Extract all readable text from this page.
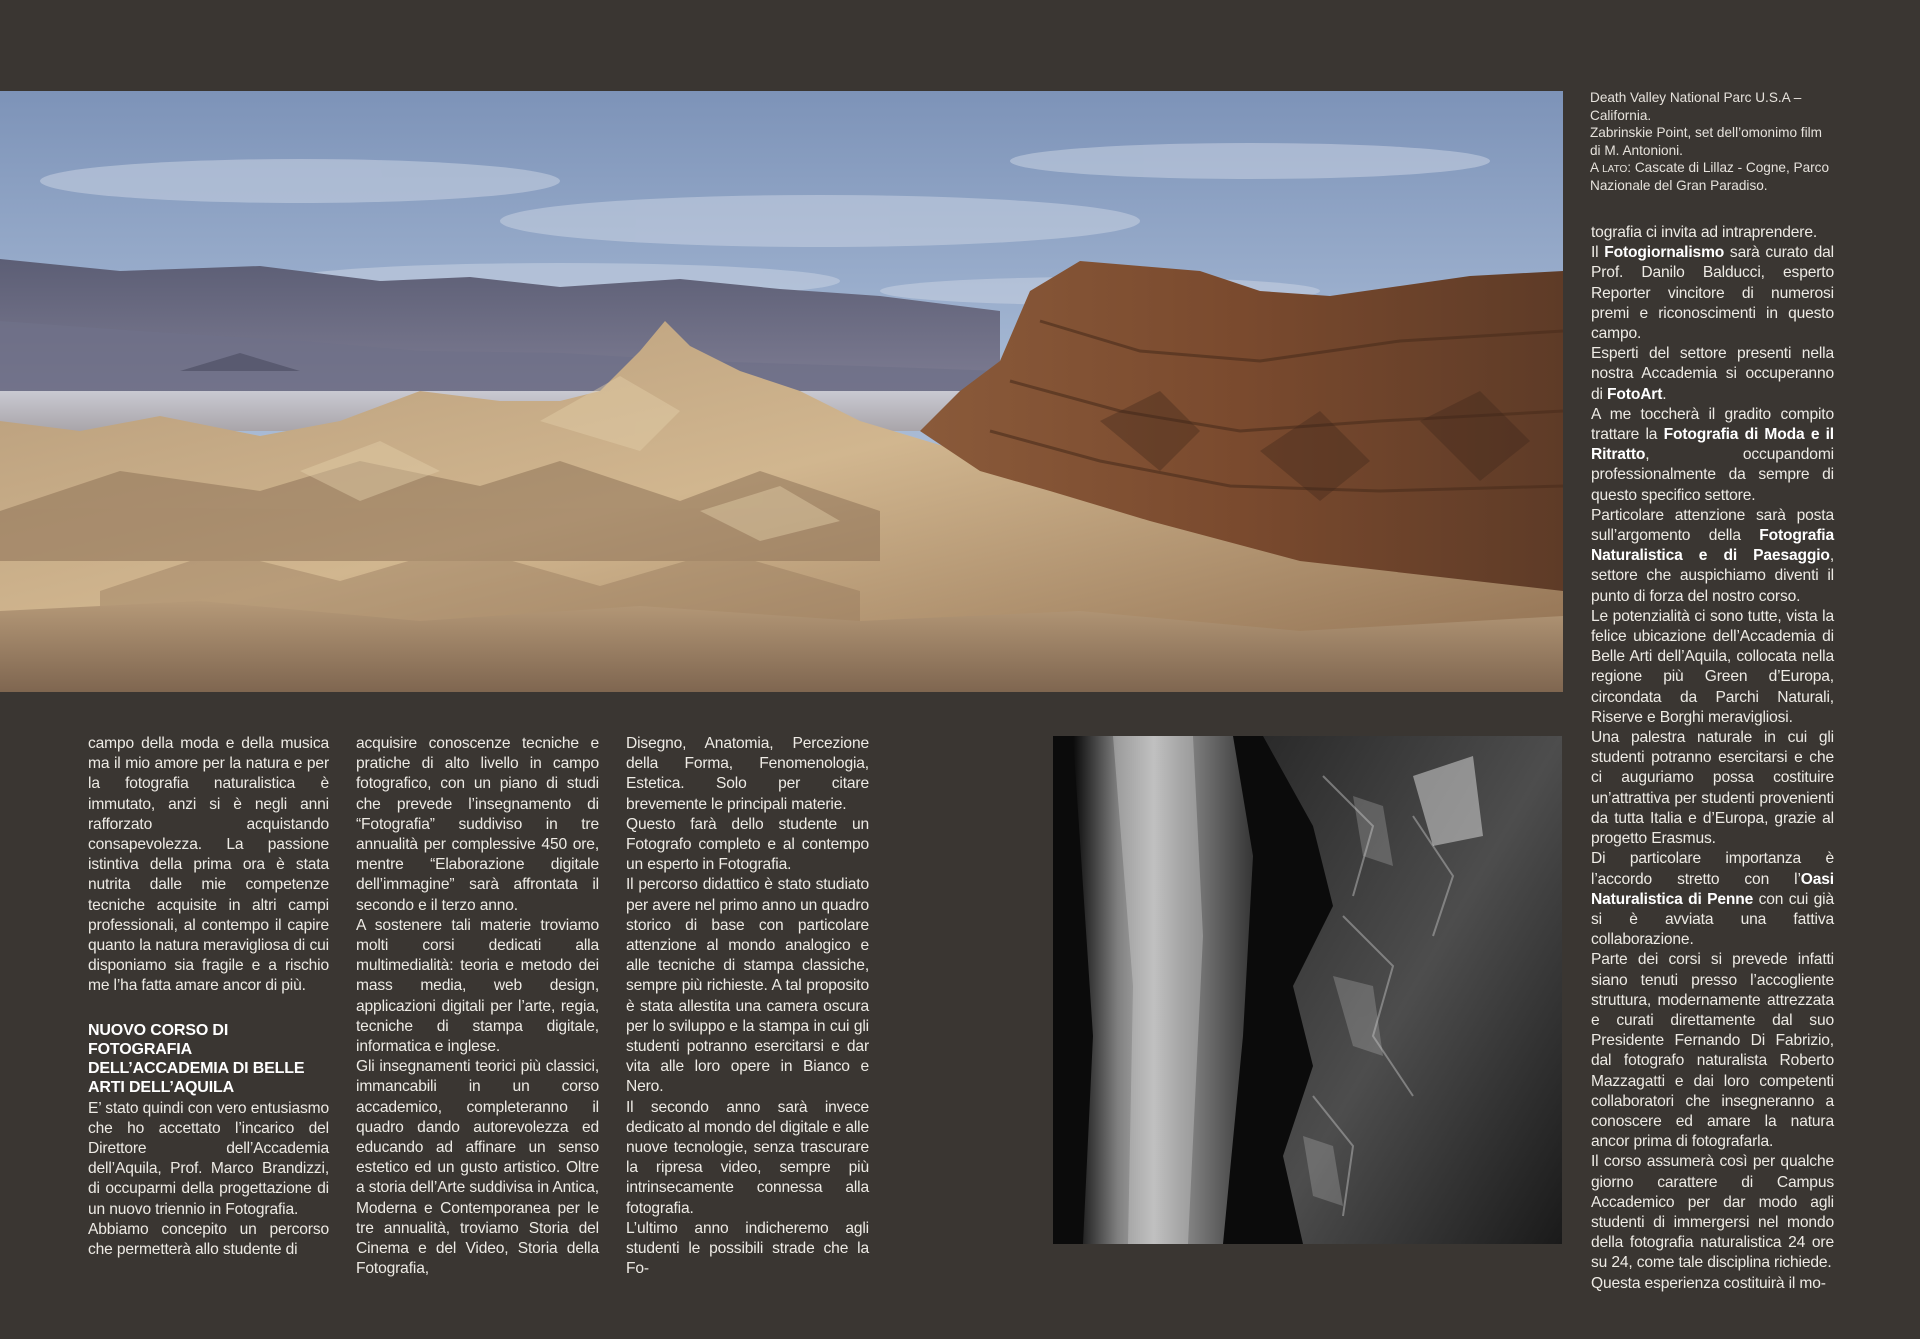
Death Valley National Parc U.S.A –

California.

Zabrinskie Point, set dell’omonimo film

di M. Antonioni.

A lato: Cascate di Lillaz - Cogne, Parco

Nazionale del Gran Paradiso.

campo della moda e della musica ma il mio amore per la natura e per la fotografia naturalistica è immutato, anzi si è negli anni rafforzato acquistando consapevolezza. La passione istintiva della prima ora è stata nutrita dalle mie competenze tecniche acquisite in altri campi professionali, al contempo il capire quanto la natura meravigliosa di cui disponiamo sia fragile e a rischio me l’ha fatta amare ancor di più.

NUOVO CORSO DI FOTOGRAFIA DELL’ACCADEMIA DI BELLE ARTI DELL’AQUILA

E’ stato quindi con vero entusiasmo che ho accettato l’incarico del Direttore dell’Accademia dell’Aquila, Prof. Marco Brandizzi, di occuparmi della progettazione di un nuovo triennio in Fotografia.

Abbiamo concepito un percorso che permetterà allo studente di

acquisire conoscenze tecniche e pratiche di alto livello in campo fotografico, con un piano di studi che prevede l’insegnamento di “Fotografia” suddiviso in tre annualità per complessive 450 ore, mentre “Elaborazione digitale dell’immagine” sarà affrontata il secondo e il terzo anno.

A sostenere tali materie troviamo molti corsi dedicati alla multimedialità: teoria e metodo dei mass media, web design, applicazioni digitali per l’arte, regia, tecniche di stampa digitale, informatica e inglese.

Gli insegnamenti teorici più classici, immancabili in un corso accademico, completeranno il quadro dando autorevolezza ed educando ad affinare un senso estetico ed un gusto artistico. Oltre a storia dell’Arte suddivisa in Antica, Moderna e Contemporanea per le tre annualità, troviamo Storia del Cinema e del Video, Storia della Fotografia,

Disegno, Anatomia, Percezione della Forma, Fenomenologia, Estetica. Solo per citare brevemente le principali materie.

Questo farà dello studente un Fotografo completo e al contempo un esperto in Fotografia.

Il percorso didattico è stato studiato per avere nel primo anno un quadro storico di base con particolare attenzione al mondo analogico e alle tecniche di stampa classiche, sempre più richieste. A tal proposito è stata allestita una camera oscura per lo sviluppo e la stampa in cui gli studenti potranno esercitarsi e dar vita alle loro opere in Bianco e Nero.

Il secondo anno sarà invece dedicato al mondo del digitale e alle nuove tecnologie, senza trascurare la ripresa video, sempre più intrinsecamente connessa alla fotografia.

L’ultimo anno indicheremo agli studenti le possibili strade che la Fo-

tografia ci invita ad intraprendere.

Il Fotogiornalismo sarà curato dal Prof. Danilo Balducci, esperto Reporter vincitore di numerosi premi e riconoscimenti in questo campo.

Esperti del settore presenti nella nostra Accademia si occuperanno di FotoArt.

A me toccherà il gradito compito trattare la Fotografia di Moda e il Ritratto, occupandomi professionalmente da sempre di questo specifico settore.

Particolare attenzione sarà posta sull’argomento della Fotografia Naturalistica e di Paesaggio, settore che auspichiamo diventi il punto di forza del nostro corso.

Le potenzialità ci sono tutte, vista la felice ubicazione dell’Accademia di Belle Arti dell’Aquila, collocata nella regione più Green d’Europa, circondata da Parchi Naturali, Riserve e Borghi meravigliosi.

Una palestra naturale in cui gli studenti potranno esercitarsi e che ci auguriamo possa costituire un’attrattiva per studenti provenienti da tutta Italia e d’Europa, grazie al progetto Erasmus.

Di particolare importanza è l’accordo stretto con l’Oasi Naturalistica di Penne con cui già si è avviata una fattiva collaborazione.

Parte dei corsi si prevede infatti siano tenuti presso l’accogliente struttura, modernamente attrezzata e curati direttamente dal suo Presidente Fernando Di Fabrizio, dal fotografo naturalista Roberto Mazzagatti e dai loro competenti collaboratori che insegneranno a conoscere ed amare la natura ancor prima di fotografarla.

Il corso assumerà così per qualche giorno carattere di Campus Accademico per dar modo agli studenti di immergersi nel mondo della fotografia naturalistica 24 ore su 24, come tale disciplina richiede.

Questa esperienza costituirà il mo-
